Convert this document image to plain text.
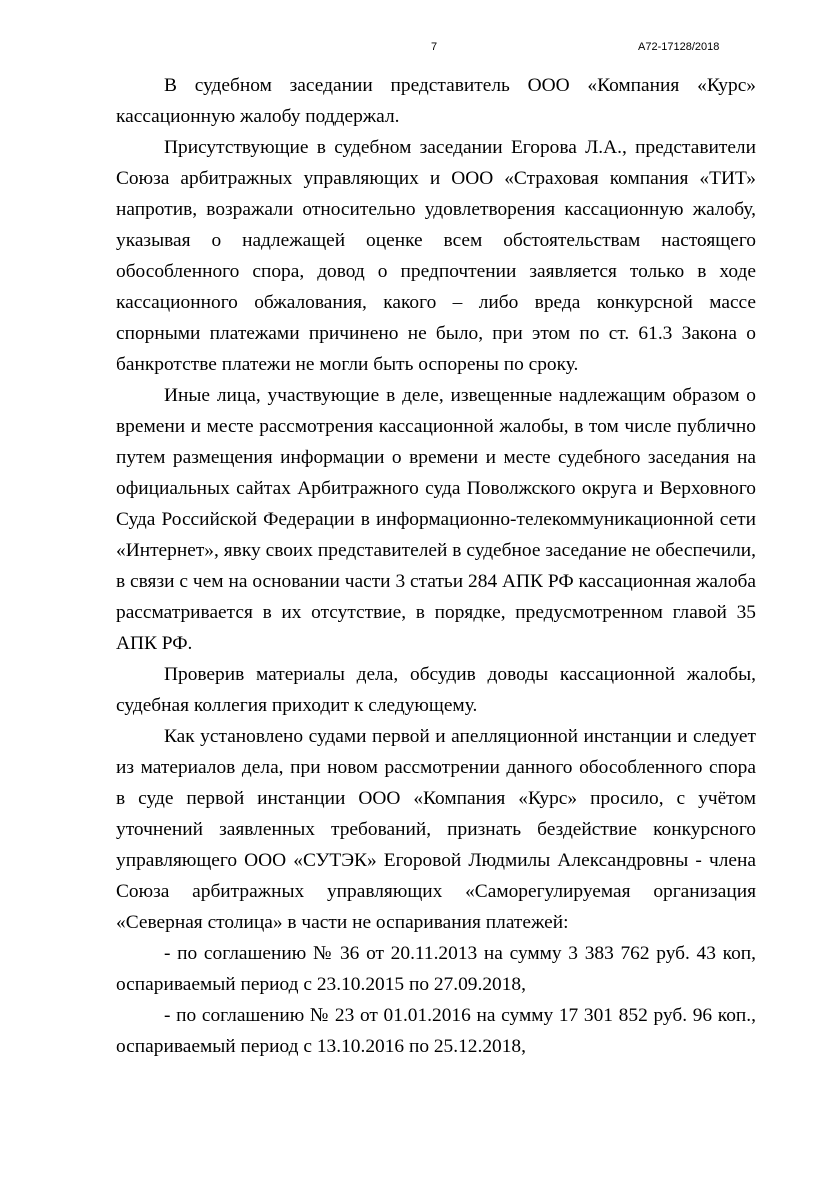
7	А72-17128/2018

В судебном заседании представитель ООО «Компания «Курс» кассационную жалобу поддержал.

Присутствующие в судебном заседании Егорова Л.А., представители Союза арбитражных управляющих и ООО «Страховая компания «ТИТ» напротив, возражали относительно удовлетворения кассационную жалобу, указывая о надлежащей оценке всем обстоятельствам настоящего обособленного спора, довод о предпочтении заявляется только в ходе кассационного обжалования, какого – либо вреда конкурсной массе спорными платежами причинено не было, при этом по ст. 61.3 Закона о банкротстве платежи не могли быть оспорены по сроку.

Иные лица, участвующие в деле, извещенные надлежащим образом о времени и месте рассмотрения кассационной жалобы, в том числе публично путем размещения информации о времени и месте судебного заседания на официальных сайтах Арбитражного суда Поволжского округа и Верховного Суда Российской Федерации в информационно-телекоммуникационной сети «Интернет», явку своих представителей в судебное заседание не обеспечили, в связи с чем на основании части 3 статьи 284 АПК РФ кассационная жалоба рассматривается в их отсутствие, в порядке, предусмотренном главой 35 АПК РФ.

Проверив материалы дела, обсудив доводы кассационной жалобы, судебная коллегия приходит к следующему.

Как установлено судами первой и апелляционной инстанции и следует из материалов дела, при новом рассмотрении данного обособленного спора в суде первой инстанции ООО «Компания «Курс» просило, с учётом уточнений заявленных требований, признать бездействие конкурсного управляющего ООО «СУТЭК» Егоровой Людмилы Александровны - члена Союза арбитражных управляющих «Саморегулируемая организация «Северная столица» в части не оспаривания платежей:

- по соглашению № 36 от 20.11.2013 на сумму 3 383 762 руб. 43 коп, оспариваемый период с 23.10.2015 по 27.09.2018,

- по соглашению № 23 от 01.01.2016 на сумму 17 301 852 руб. 96 коп., оспариваемый период с 13.10.2016 по 25.12.2018,
